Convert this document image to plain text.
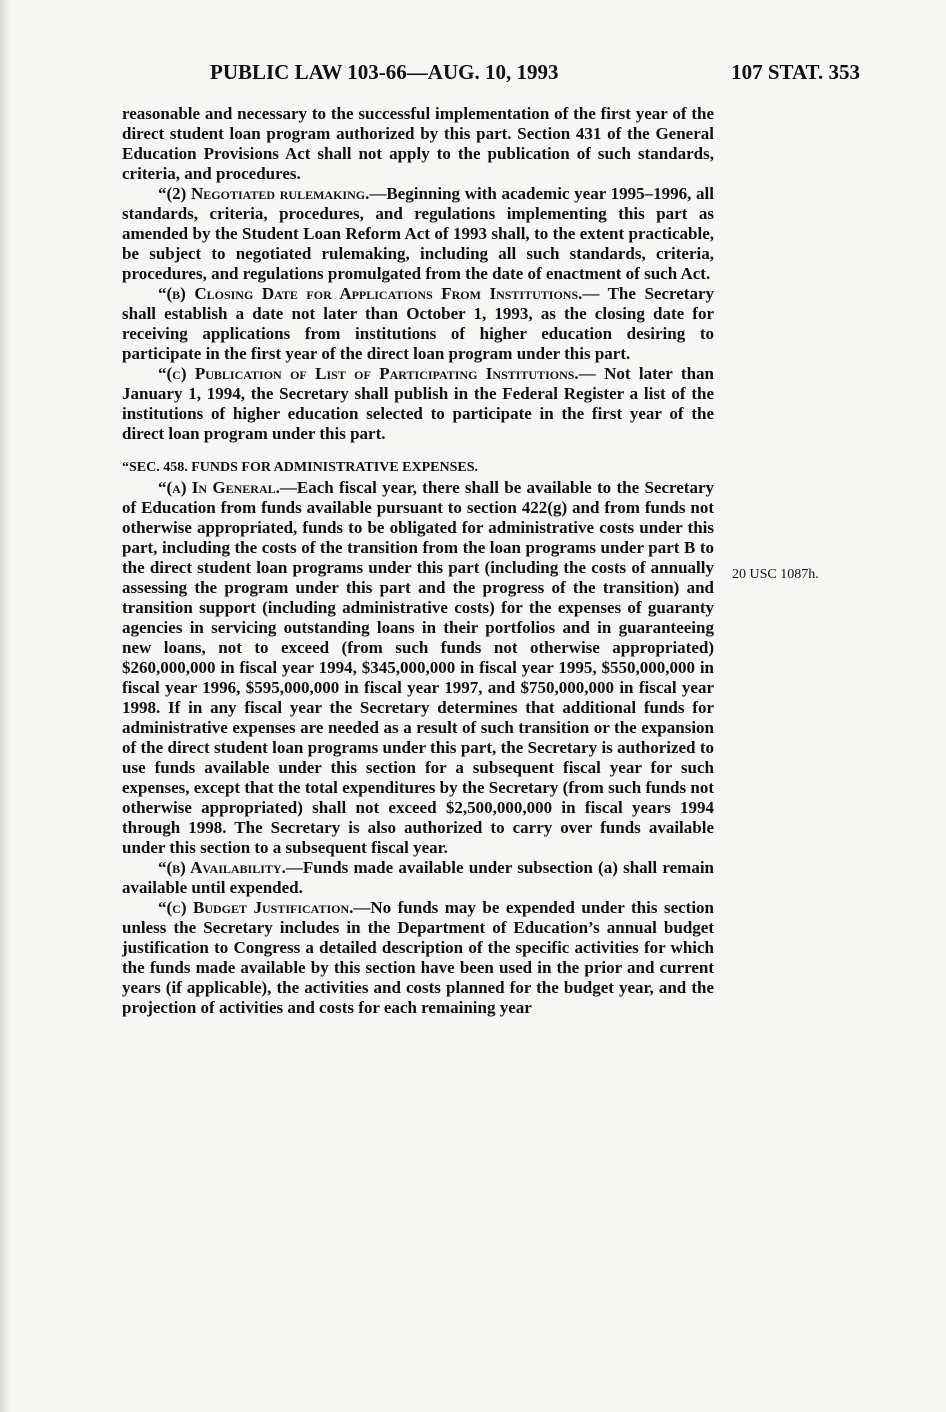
PUBLIC LAW 103-66—AUG. 10, 1993	107 STAT. 353
20 USC 1087h.

reasonable and necessary to the successful implementation of the first year of the direct student loan program authorized by this part. Section 431 of the General Education Provisions Act shall not apply to the publication of such standards, criteria, and procedures.

“(2) Negotiated rulemaking.—Beginning with academic year 1995–1996, all standards, criteria, procedures, and regulations implementing this part as amended by the Student Loan Reform Act of 1993 shall, to the extent practicable, be subject to negotiated rulemaking, including all such standards, criteria, procedures, and regulations promulgated from the date of enactment of such Act.

“(b) Closing Date for Applications From Institutions.— The Secretary shall establish a date not later than October 1, 1993, as the closing date for receiving applications from institutions of higher education desiring to participate in the first year of the direct loan program under this part.

“(c) Publication of List of Participating Institutions.— Not later than January 1, 1994, the Secretary shall publish in the Federal Register a list of the institutions of higher education selected to participate in the first year of the direct loan program under this part.

“SEC. 458. FUNDS FOR ADMINISTRATIVE EXPENSES.

“(a) In General.—Each fiscal year, there shall be available to the Secretary of Education from funds available pursuant to section 422(g) and from funds not otherwise appropriated, funds to be obligated for administrative costs under this part, including the costs of the transition from the loan programs under part B to the direct student loan programs under this part (including the costs of annually assessing the program under this part and the progress of the transition) and transition support (including administrative costs) for the expenses of guaranty agencies in servicing outstanding loans in their portfolios and in guaranteeing new loans, not to exceed (from such funds not otherwise appropriated) $260,000,000 in fiscal year 1994, $345,000,000 in fiscal year 1995, $550,000,000 in fiscal year 1996, $595,000,000 in fiscal year 1997, and $750,000,000 in fiscal year 1998. If in any fiscal year the Secretary determines that additional funds for administrative expenses are needed as a result of such transition or the expansion of the direct student loan programs under this part, the Secretary is authorized to use funds available under this section for a subsequent fiscal year for such expenses, except that the total expenditures by the Secretary (from such funds not otherwise appropriated) shall not exceed $2,500,000,000 in fiscal years 1994 through 1998. The Secretary is also authorized to carry over funds available under this section to a subsequent fiscal year.

“(b) Availability.—Funds made available under subsection (a) shall remain available until expended.

“(c) Budget Justification.—No funds may be expended under this section unless the Secretary includes in the Department of Education’s annual budget justification to Congress a detailed description of the specific activities for which the funds made available by this section have been used in the prior and current years (if applicable), the activities and costs planned for the budget year, and the projection of activities and costs for each remaining year
